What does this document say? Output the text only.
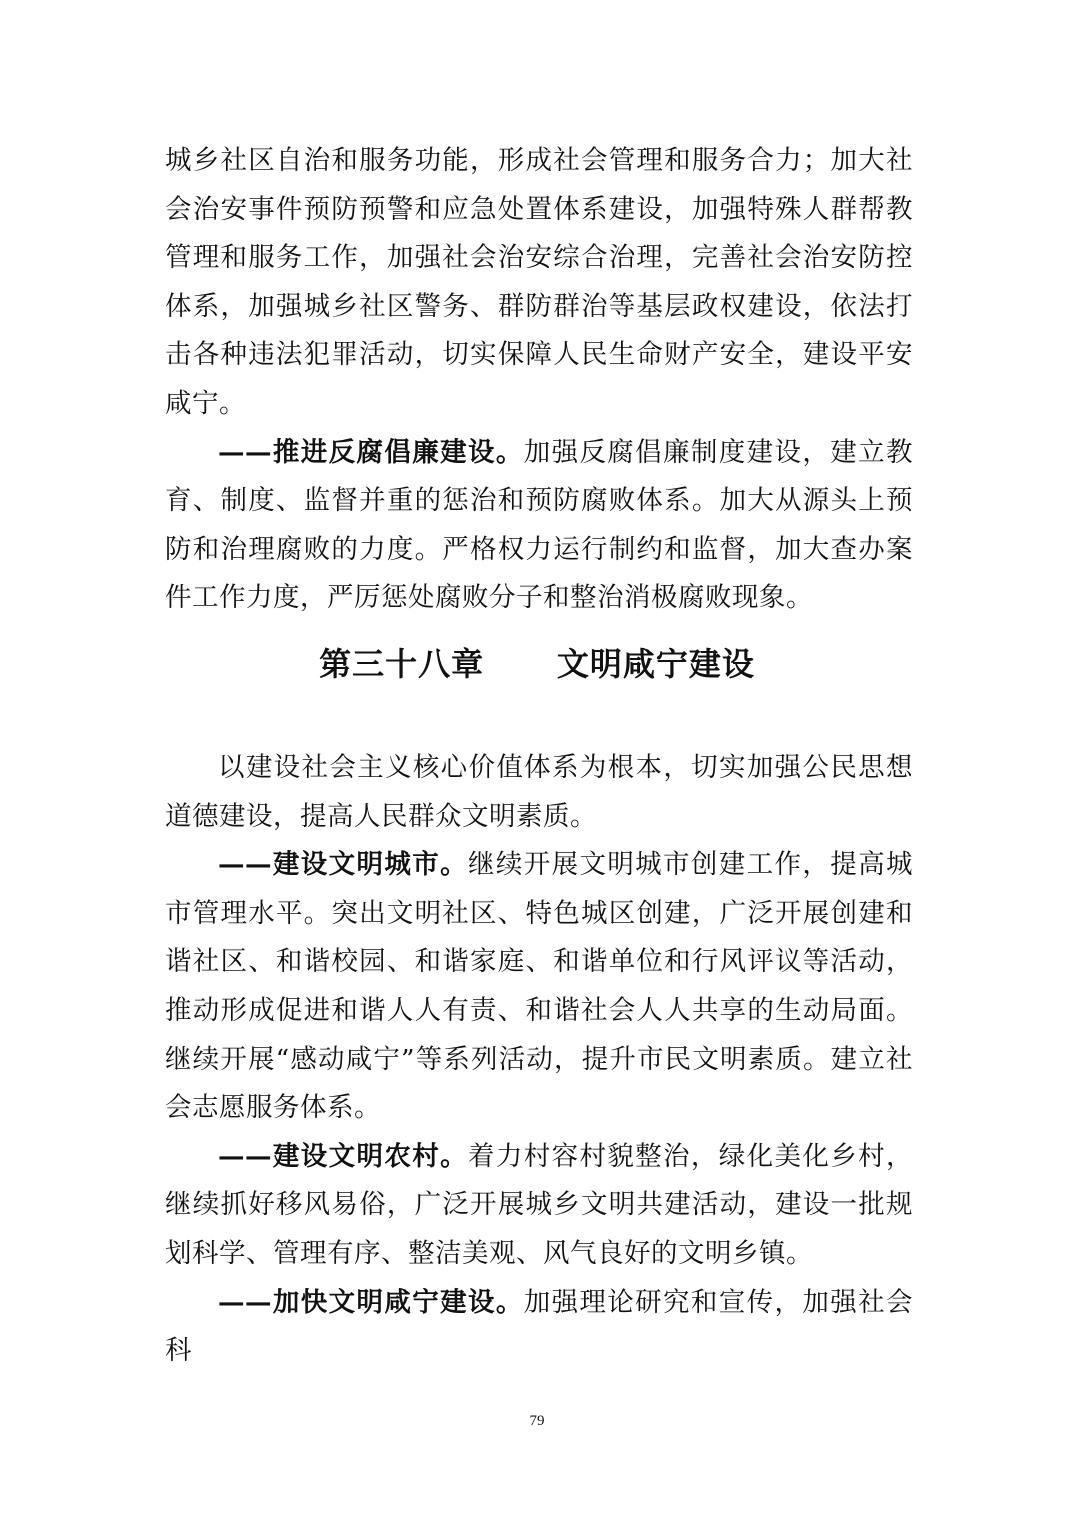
城乡社区自治和服务功能，形成社会管理和服务合力；加大社会治安事件预防预警和应急处置体系建设，加强特殊人群帮教管理和服务工作，加强社会治安综合治理，完善社会治安防控体系，加强城乡社区警务、群防群治等基层政权建设，依法打击各种违法犯罪活动，切实保障人民生命财产安全，建设平安咸宁。

——推进反腐倡廉建设。加强反腐倡廉制度建设，建立教育、制度、监督并重的惩治和预防腐败体系。加大从源头上预防和治理腐败的力度。严格权力运行制约和监督，加大查办案件工作力度，严厉惩处腐败分子和整治消极腐败现象。

第三十八章 文明咸宁建设

以建设社会主义核心价值体系为根本，切实加强公民思想道德建设，提高人民群众文明素质。

——建设文明城市。继续开展文明城市创建工作，提高城市管理水平。突出文明社区、特色城区创建，广泛开展创建和谐社区、和谐校园、和谐家庭、和谐单位和行风评议等活动，推动形成促进和谐人人有责、和谐社会人人共享的生动局面。继续开展“感动咸宁”等系列活动，提升市民文明素质。建立社会志愿服务体系。

——建设文明农村。着力村容村貌整治，绿化美化乡村，继续抓好移风易俗，广泛开展城乡文明共建活动，建设一批规划科学、管理有序、整洁美观、风气良好的文明乡镇。

——加快文明咸宁建设。加强理论研究和宣传，加强社会科

79
